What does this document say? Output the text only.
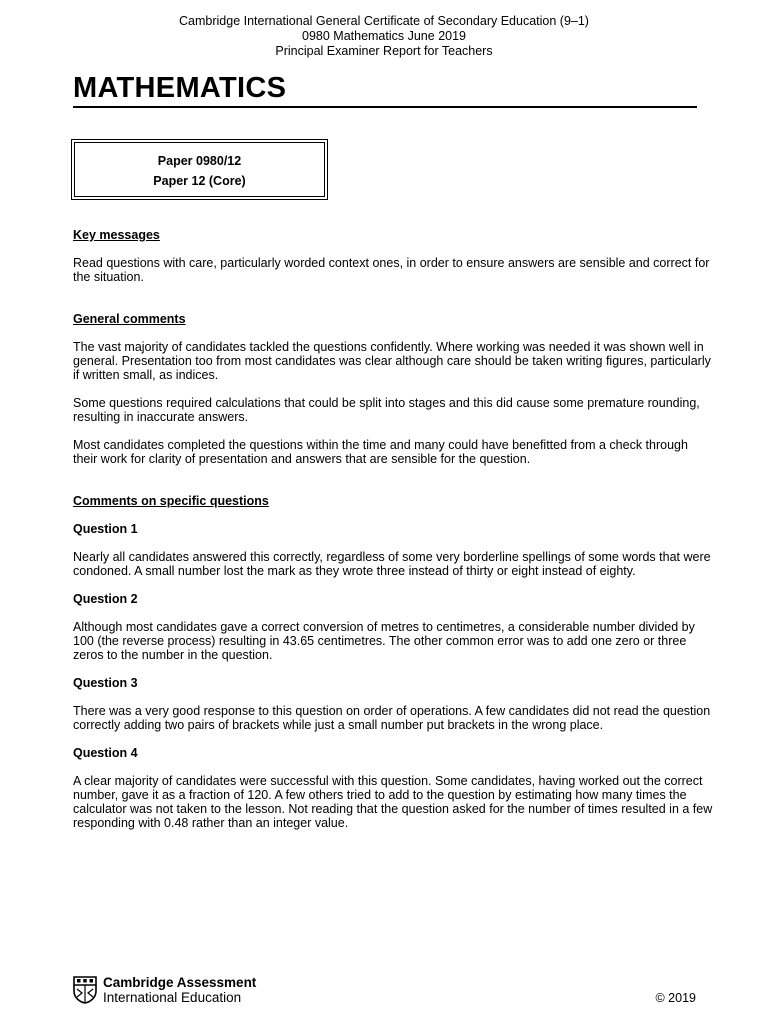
Cambridge International General Certificate of Secondary Education (9–1)
0980 Mathematics June 2019
Principal Examiner Report for Teachers
MATHEMATICS
Paper 0980/12
Paper 12 (Core)
Key messages

Read questions with care, particularly worded context ones, in order to ensure answers are sensible and correct for the situation.

General comments

The vast majority of candidates tackled the questions confidently. Where working was needed it was shown well in general. Presentation too from most candidates was clear although care should be taken writing figures, particularly if written small, as indices.

Some questions required calculations that could be split into stages and this did cause some premature rounding, resulting in inaccurate answers.

Most candidates completed the questions within the time and many could have benefitted from a check through their work for clarity of presentation and answers that are sensible for the question.

Comments on specific questions
Question 1

Nearly all candidates answered this correctly, regardless of some very borderline spellings of some words that were condoned. A small number lost the mark as they wrote three instead of thirty or eight instead of eighty.

Question 2

Although most candidates gave a correct conversion of metres to centimetres, a considerable number divided by 100 (the reverse process) resulting in 43.65 centimetres. The other common error was to add one zero or three zeros to the number in the question.

Question 3

There was a very good response to this question on order of operations. A few candidates did not read the question correctly adding two pairs of brackets while just a small number put brackets in the wrong place.

Question 4

A clear majority of candidates were successful with this question. Some candidates, having worked out the correct number, gave it as a fraction of 120. A few others tried to add to the question by estimating how many times the calculator was not taken to the lesson. Not reading that the question asked for the number of times resulted in a few responding with 0.48 rather than an integer value.

Cambridge Assessment
International Education	© 2019
